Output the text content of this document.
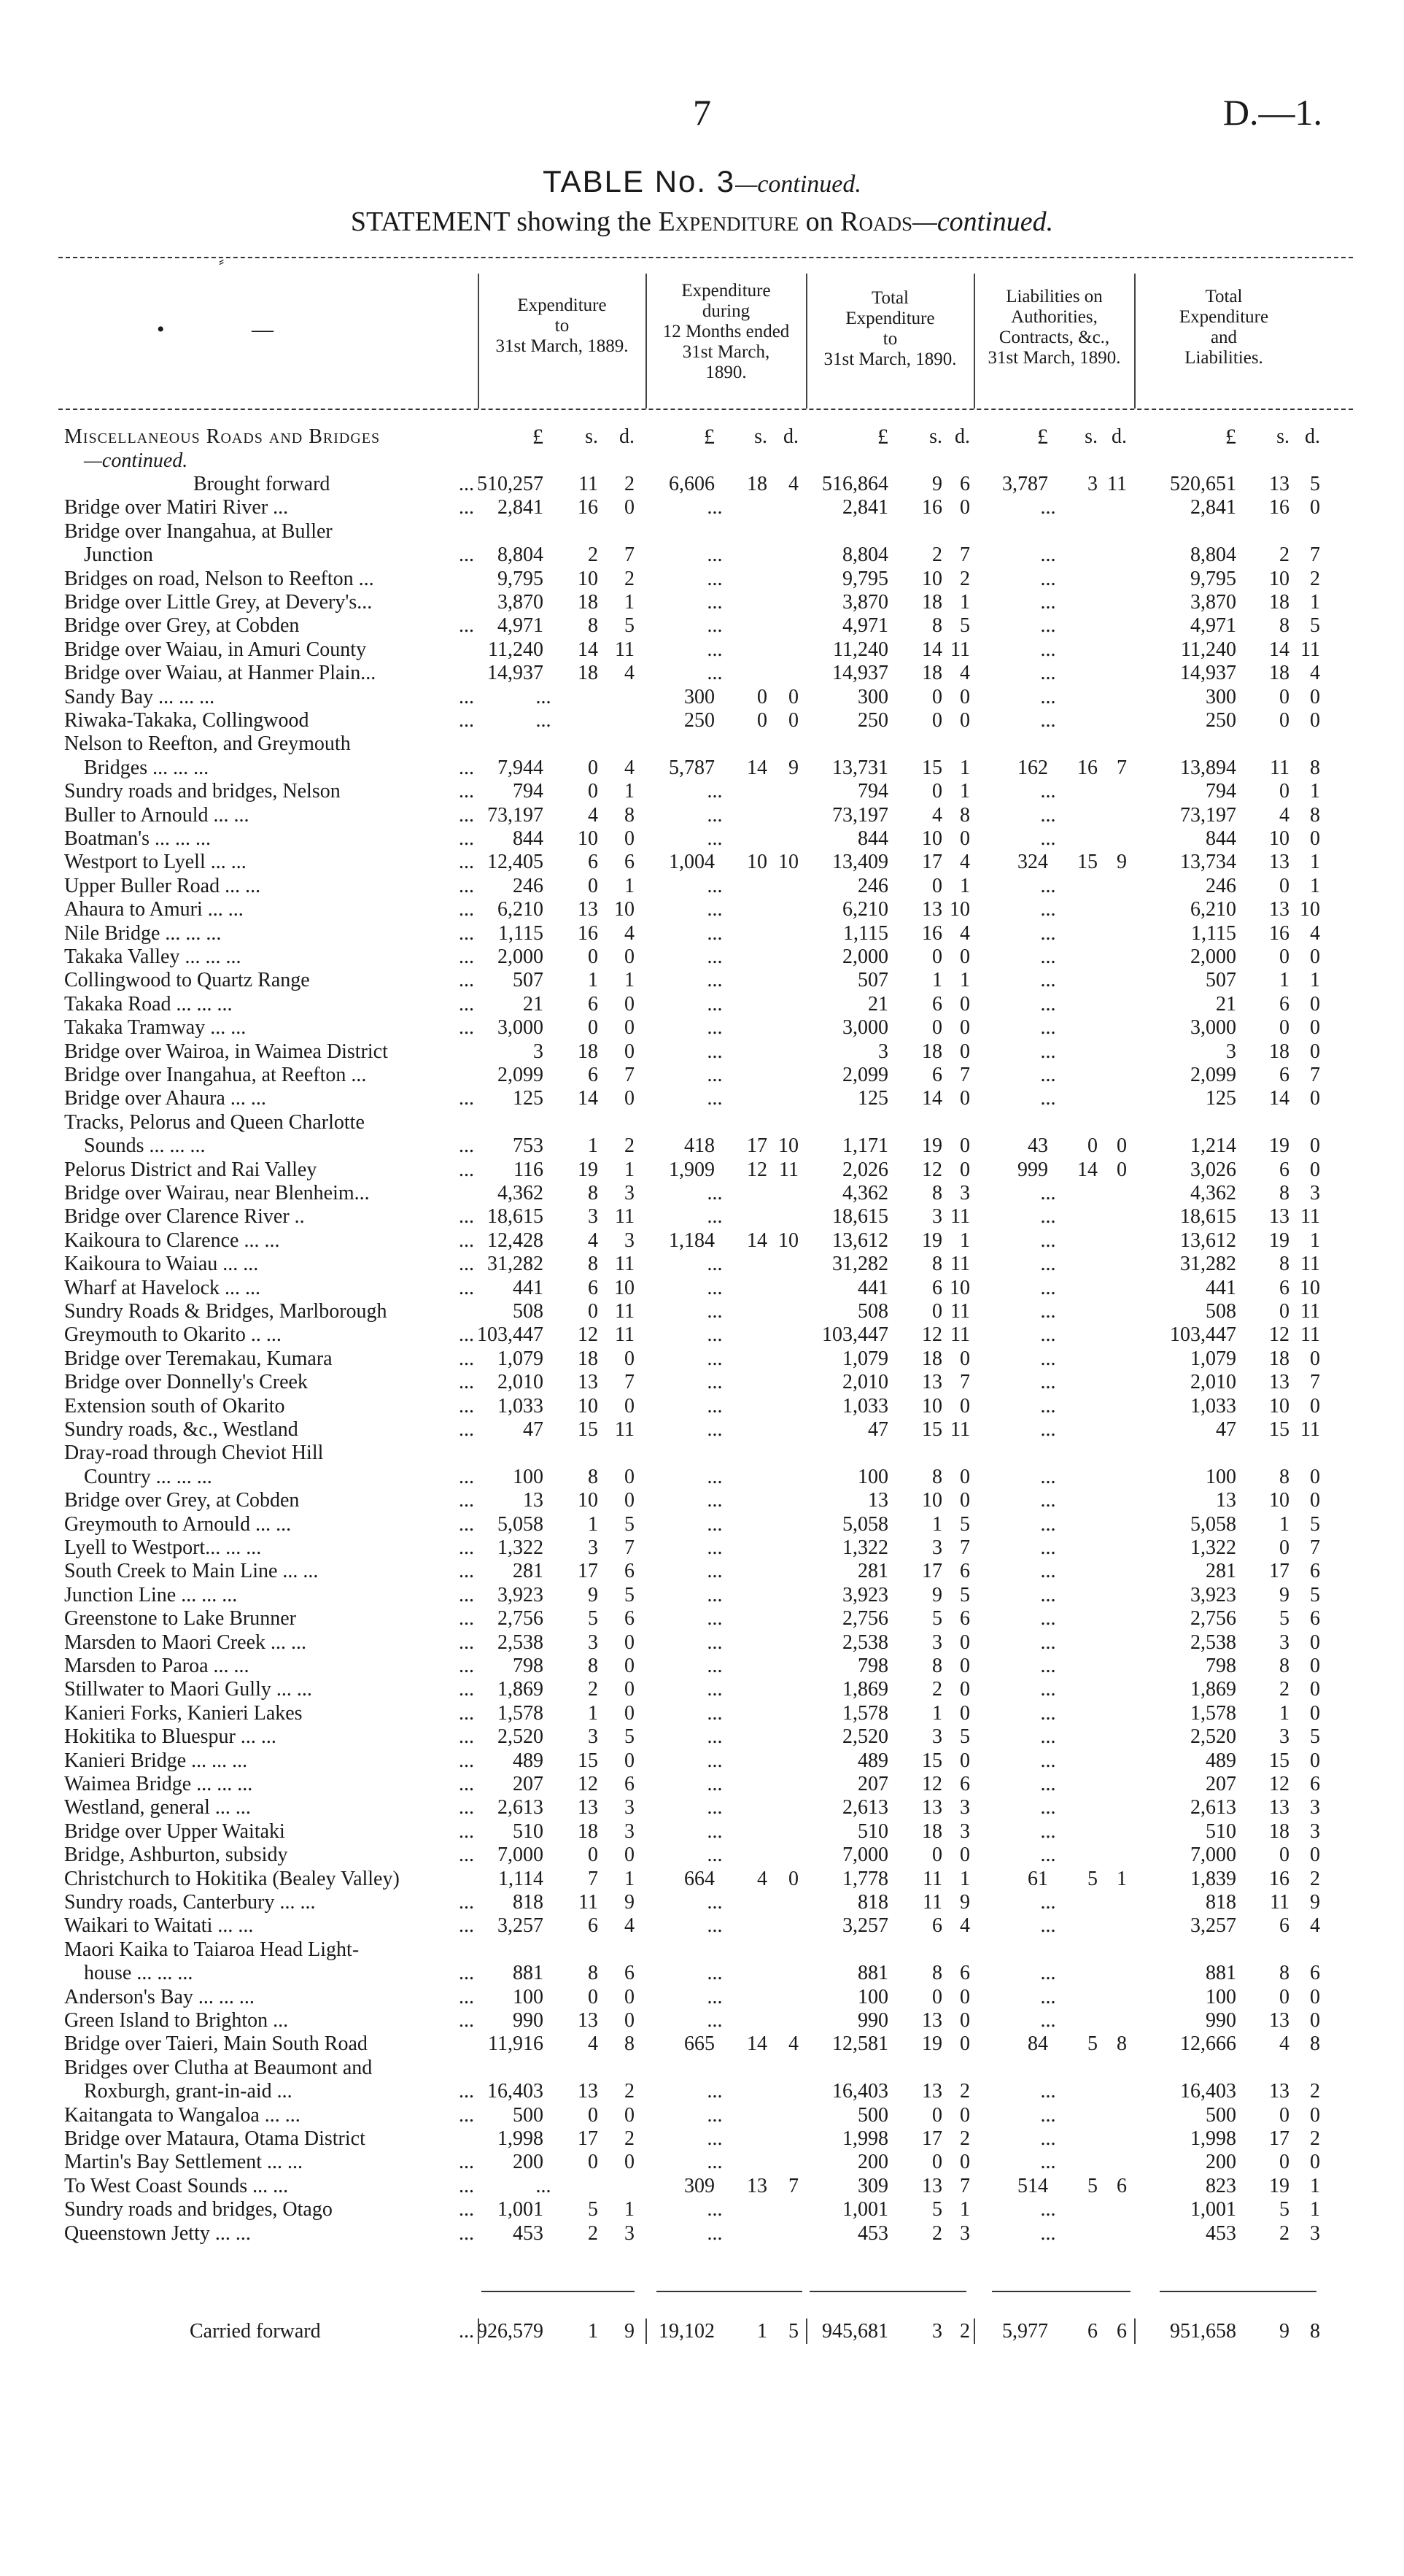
7	D.—1.
TABLE No. 3—continued.
STATEMENT showing the Expenditure on Roads—continued.
⸗
•	—
Expenditure
to
31st March, 1889.
Expenditure
during
12 Months ended
31st March,
1890.
Total
Expenditure
to
31st March, 1890.
Liabilities on
Authorities,
Contracts, &c.,
31st March, 1890.
Total
Expenditure
and
Liabilities.
Miscellaneous Roads and Bridges
—continued.
£	s.	d.	£	s. d.	£	s. d.	£	s. d.	£	s. d.
Brought forward	... 510,257	11	2	6,606	18	4	516,864	9 6	3,787	3 11	520,651	13	5
Bridge over Matiri River ...	...	2,841	16	0	...	2,841	16 0	...	2,841	16	0
Bridge over Inangahua, at Buller
Junction	...	8,804	2	7	...	8,804	2 7	...	8,804	2	7
Bridges on road, Nelson to Reefton ...	9,795	10	2	...	9,795	10 2	...	9,795	10	2
Bridge over Little Grey, at Devery's...	3,870	18	1	...	3,870	18 1	...	3,870	18	1
Bridge over Grey, at Cobden	...	4,971	8	5	...	4,971	8 5	...	4,971	8	5
Bridge over Waiau, in Amuri County	11,240	14 11	...	11,240	14 11	...	11,240	14 11
Bridge over Waiau, at Hanmer Plain...	14,937	18	4	...	14,937	18 4	...	14,937	18	4
Sandy Bay ... ... ...	...	...	300	0	0	300	0 0	...	300	0	0
Riwaka-Takaka, Collingwood	...	...	250	0	0	250	0 0	...	250	0	0
Nelson to Reefton, and Greymouth
Bridges ... ... ...	...	7,944	0	4	5,787	14	9	13,731	15 1	162	16 7	13,894	11	8
Sundry roads and bridges, Nelson	...	794	0	1	...	794	0 1	...	794	0	1
Buller to Arnould ... ...	... 73,197	4	8	...	73,197	4 8	...	73,197	4	8
Boatman's ... ... ...	...	844	10	0	...	844	10 0	...	844	10	0
Westport to Lyell ... ...	... 12,405	6	6	1,004	10 10	13,409	17 4	324	15 9	13,734	13	1
Upper Buller Road ... ...	...	246	0	1	...	246	0 1	...	246	0	1
Ahaura to Amuri ... ...	...	6,210	13 10	...	6,210	13 10	...	6,210	13 10
Nile Bridge ... ... ...	...	1,115	16	4	...	1,115	16 4	...	1,115	16	4
Takaka Valley ... ... ...	...	2,000	0	0	...	2,000	0 0	...	2,000	0	0
Collingwood to Quartz Range	...	507	1	1	...	507	1 1	...	507	1	1
Takaka Road ... ... ...	...	21	6	0	...	21	6 0	...	21	6	0
Takaka Tramway ... ...	...	3,000	0	0	...	3,000	0 0	...	3,000	0	0
Bridge over Wairoa, in Waimea District	3	18	0	...	3	18 0	...	3	18	0
Bridge over Inangahua, at Reefton ...	2,099	6	7	...	2,099	6 7	...	2,099	6	7
Bridge over Ahaura ... ...	...	125	14	0	...	125	14 0	...	125	14	0
Tracks, Pelorus and Queen Charlotte
Sounds ... ... ...	...	753	1	2	418	17 10	1,171	19 0	43	0 0	1,214	19	0
Pelorus District and Rai Valley	...	116	19	1	1,909	12 11	2,026	12 0	999	14 0	3,026	6	0
Bridge over Wairau, near Blenheim...	4,362	8	3	...	4,362	8 3	...	4,362	8	3
Bridge over Clarence River ..	... 18,615	3 11	...	18,615	3 11	...	18,615	13 11
Kaikoura to Clarence ... ...	... 12,428	4	3	1,184	14 10	13,612	19 1	...	13,612	19	1
Kaikoura to Waiau ... ...	... 31,282	8 11	...	31,282	8 11	...	31,282	8 11
Wharf at Havelock ... ...	...	441	6 10	...	441	6 10	...	441	6 10
Sundry Roads & Bridges, Marlborough	508	0 11	...	508	0 11	...	508	0 11
Greymouth to Okarito .. ...	... 103,447	12 11	...	103,447	12 11	...	103,447	12 11
Bridge over Teremakau, Kumara	...	1,079	18	0	...	1,079	18 0	...	1,079	18	0
Bridge over Donnelly's Creek	...	2,010	13	7	...	2,010	13 7	...	2,010	13	7
Extension south of Okarito	...	1,033	10	0	...	1,033	10 0	...	1,033	10	0
Sundry roads, &c., Westland	...	47	15 11	...	47	15 11	...	47	15 11
Dray-road through Cheviot Hill
Country ... ... ...	...	100	8	0	...	100	8 0	...	100	8	0
Bridge over Grey, at Cobden	...	13	10	0	...	13	10 0	...	13	10	0
Greymouth to Arnould ... ...	...	5,058	1	5	...	5,058	1 5	...	5,058	1	5
Lyell to Westport... ... ...	...	1,322	3	7	...	1,322	3 7	...	1,322	0	7
South Creek to Main Line ... ...	...	281	17	6	...	281	17 6	...	281	17	6
Junction Line ... ... ...	...	3,923	9	5	...	3,923	9 5	...	3,923	9	5
Greenstone to Lake Brunner	...	2,756	5	6	...	2,756	5 6	...	2,756	5	6
Marsden to Maori Creek ... ...	...	2,538	3	0	...	2,538	3 0	...	2,538	3	0
Marsden to Paroa ... ...	...	798	8	0	...	798	8 0	...	798	8	0
Stillwater to Maori Gully ... ...	...	1,869	2	0	...	1,869	2 0	...	1,869	2	0
Kanieri Forks, Kanieri Lakes	...	1,578	1	0	...	1,578	1 0	...	1,578	1	0
Hokitika to Bluespur ... ...	...	2,520	3	5	...	2,520	3 5	...	2,520	3	5
Kanieri Bridge ... ... ...	...	489	15	0	...	489	15 0	...	489	15	0
Waimea Bridge ... ... ...	...	207	12	6	...	207	12 6	...	207	12	6
Westland, general ... ...	...	2,613	13	3	...	2,613	13 3	...	2,613	13	3
Bridge over Upper Waitaki	...	510	18	3	...	510	18 3	...	510	18	3
Bridge, Ashburton, subsidy	...	7,000	0	0	...	7,000	0 0	...	7,000	0	0
Christchurch to Hokitika (Bealey Valley)	1,114	7	1	664	4	0	1,778	11 1	61	5 1	1,839	16	2
Sundry roads, Canterbury ... ...	...	818	11	9	...	818	11 9	...	818	11	9
Waikari to Waitati ... ...	...	3,257	6	4	...	3,257	6 4	...	3,257	6	4
Maori Kaika to Taiaroa Head Light-
house ... ... ...	...	881	8	6	...	881	8 6	...	881	8	6
Anderson's Bay ... ... ...	...	100	0	0	...	100	0 0	...	100	0	0
Green Island to Brighton ...	...	990	13	0	...	990	13 0	...	990	13	0
Bridge over Taieri, Main South Road	11,916	4	8	665	14	4	12,581	19 0	84	5 8	12,666	4	8
Bridges over Clutha at Beaumont and
Roxburgh, grant-in-aid ...	... 16,403	13	2	...	16,403	13 2	...	16,403	13	2
Kaitangata to Wangaloa ... ...	...	500	0	0	...	500	0 0	...	500	0	0
Bridge over Mataura, Otama District	1,998	17	2	...	1,998	17 2	...	1,998	17	2
Martin's Bay Settlement ... ...	...	200	0	0	...	200	0 0	...	200	0	0
To West Coast Sounds ... ...	...	...	309	13	7	309	13 7	514	5 6	823	19	1
Sundry roads and bridges, Otago	...	1,001	5	1	...	1,001	5 1	...	1,001	5	1
Queenstown Jetty ... ...	...	453	2	3	...	453	2 3	...	453	2	3
Carried forward	... 926,579	1	9	19,102	1	5	945,681	3 2	5,977	6 6	951,658	9	8
